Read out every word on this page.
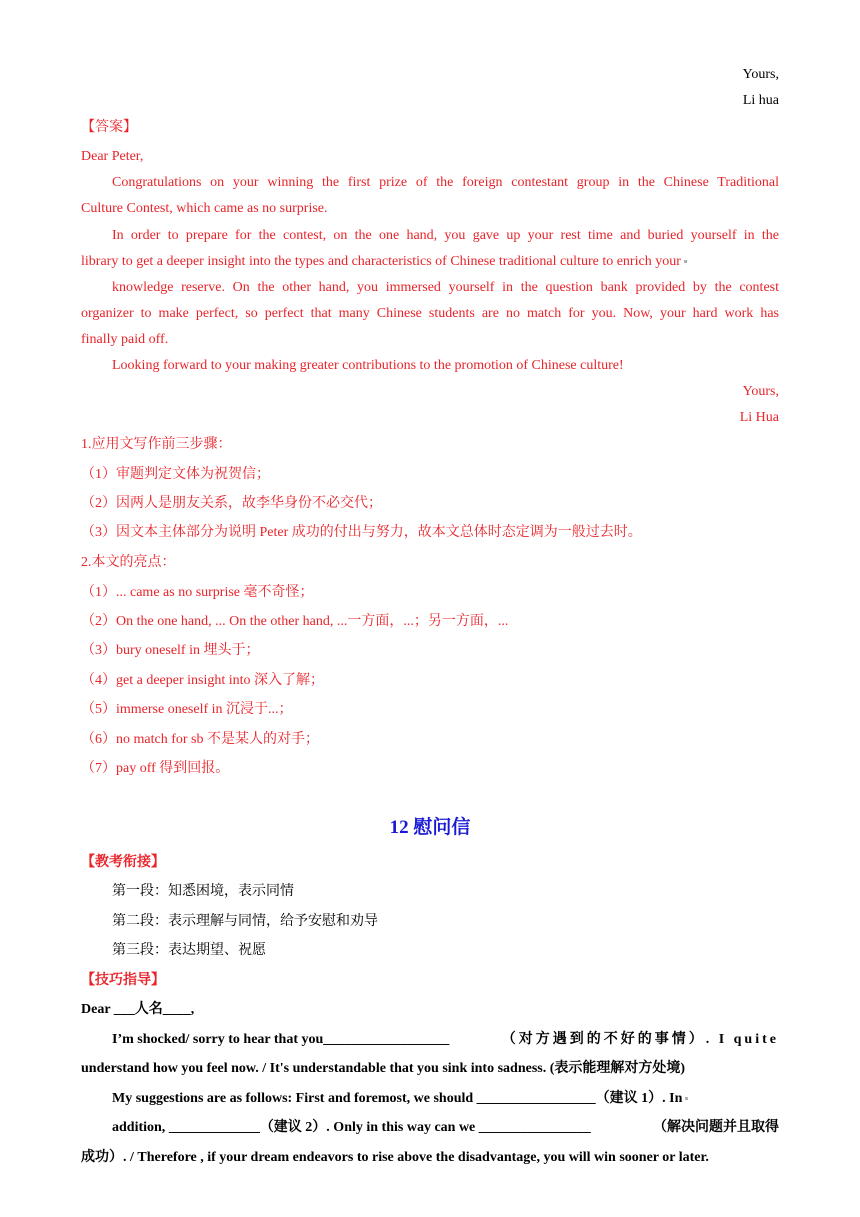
Yours,
Li hua
【答案】
Dear Peter,
Congratulations on your winning the first prize of the foreign contestant group in the Chinese Traditional
Culture Contest, which came as no surprise.
In order to prepare for the contest, on the one hand, you gave up your rest time and buried yourself in the
library to get a deeper insight into the types and characteristics of Chinese traditional culture to enrich your
knowledge reserve. On the other hand, you immersed yourself in the question bank provided by the contest
organizer to make perfect, so perfect that many Chinese students are no match for you. Now, your hard work has
finally paid off.
Looking forward to your making greater contributions to the promotion of Chinese culture!
Yours,
Li Hua
1.应用文写作前三步骤：
（1）审题判定文体为祝贺信；
（2）因两人是朋友关系，故李华身份不必交代；
（3）因文本主体部分为说明 Peter 成功的付出与努力，故本文总体时态定调为一般过去时。
2.本文的亮点：
（1）... came as no surprise 毫不奇怪；
（2）On the one hand, ... On the other hand, ...一方面，...；另一方面，...
（3）bury oneself in 埋头于；
（4）get a deeper insight into 深入了解；
（5）immerse oneself in 沉浸于...；
（6）no match for sb 不是某人的对手；
（7）pay off 得到回报。
12 慰问信
【教考衔接】
第一段：知悉困境，表示同情
第二段：表示理解与同情，给予安慰和劝导
第三段：表达期望、祝愿
【技巧指导】
Dear ___人名____,
I’m shocked/ sorry to hear that you__________________	（对方遇到的不好的事情）. I quite
understand how you feel now. / It's understandable that you sink into sadness. (表示能理解对方处境)
My suggestions are as follows: First and foremost, we should _________________（建议 1）. In
addition, _____________（建议 2）. Only in this way can we ________________	（解决问题并且取得
成功）. / Therefore , if your dream endeavors to rise above the disadvantage, you will win sooner or later.
